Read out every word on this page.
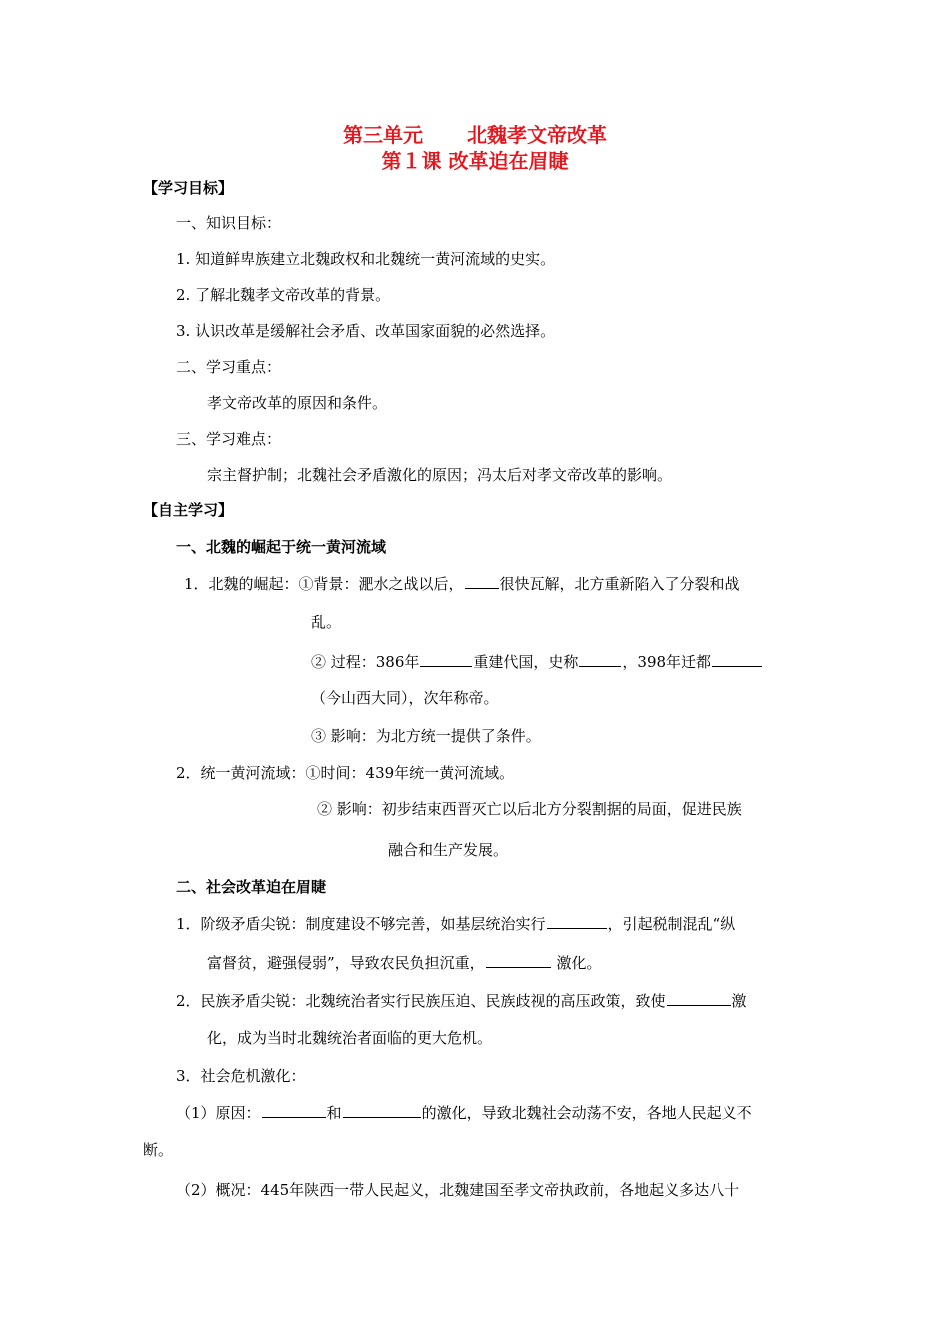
第三单元 北魏孝文帝改革
第１课 改革迫在眉睫
【学习目标】
一、知识目标：
1. 知道鲜卑族建立北魏政权和北魏统一黄河流域的史实。
2. 了解北魏孝文帝改革的背景。
3. 认识改革是缓解社会矛盾、改革国家面貌的必然选择。
二、学习重点：
孝文帝改革的原因和条件。
三、学习难点：
宗主督护制；北魏社会矛盾激化的原因；冯太后对孝文帝改革的影响。
【自主学习】
一、北魏的崛起于统一黄河流域
1．北魏的崛起：①背景：淝水之战以后， 很快瓦解，北方重新陷入了分裂和战
乱。
② 过程：386年	重建代国，史称	，398年迁都
（今山西大同），次年称帝。
③ 影响：为北方统一提供了条件。
2．统一黄河流域：①时间：439年统一黄河流域。
② 影响：初步结束西晋灭亡以后北方分裂割据的局面，促进民族
融合和生产发展。
二、社会改革迫在眉睫
1．阶级矛盾尖锐：制度建设不够完善，如基层统治实行	，引起税制混乱“纵
富督贫，避强侵弱”，导致农民负担沉重，	激化。
2．民族矛盾尖锐：北魏统治者实行民族压迫、民族歧视的高压政策，致使	激
化，成为当时北魏统治者面临的更大危机。
3．社会危机激化：
（1）原因：	和	的激化，导致北魏社会动荡不安，各地人民起义不
断。
（2）概况：445年陕西一带人民起义，北魏建国至孝文帝执政前，各地起义多达八十
